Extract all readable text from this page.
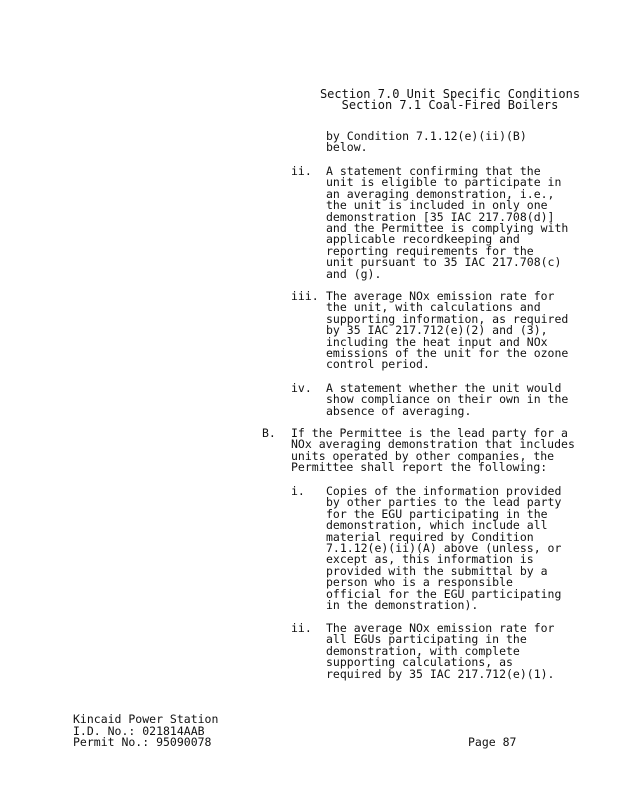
Section 7.0 Unit Specific Conditions
Section 7.1 Coal-Fired Boilers
by Condition 7.1.12(e)(ii)(B)
below.
ii. A statement confirming that the
unit is eligible to participate in
an averaging demonstration, i.e.,
the unit is included in only one
demonstration [35 IAC 217.708(d)]
and the Permittee is complying with
applicable recordkeeping and
reporting requirements for the
unit pursuant to 35 IAC 217.708(c)
and (g).
iii. The average NOx emission rate for
the unit, with calculations and
supporting information, as required
by 35 IAC 217.712(e)(2) and (3),
including the heat input and NOx
emissions of the unit for the ozone
control period.
iv. A statement whether the unit would
show compliance on their own in the
absence of averaging.
B. If the Permittee is the lead party for a
NOx averaging demonstration that includes
units operated by other companies, the
Permittee shall report the following:
i. Copies of the information provided
by other parties to the lead party
for the EGU participating in the
demonstration, which include all
material required by Condition
7.1.12(e)(ii)(A) above (unless, or
except as, this information is
provided with the submittal by a
person who is a responsible
official for the EGU participating
in the demonstration).
ii. The average NOx emission rate for
all EGUs participating in the
demonstration, with complete
supporting calculations, as
required by 35 IAC 217.712(e)(1).
Kincaid Power Station
I.D. No.: 021814AAB
Permit No.: 95090078	Page 87
